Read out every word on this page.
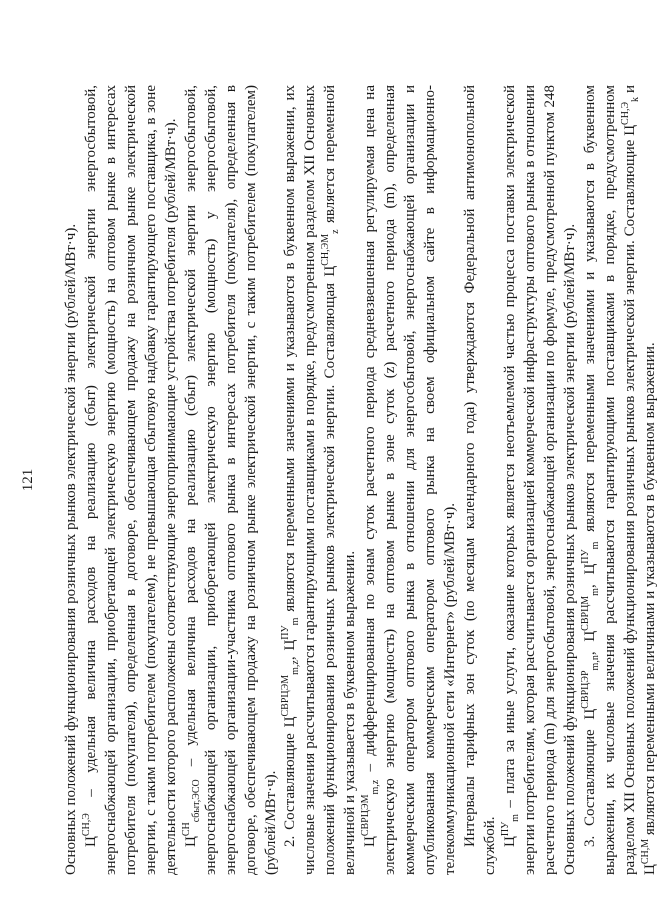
121 Основных положений функционирования розничных рынков электрической энергии (рублей/МВт·ч). $Ц^{СН,Э}$ – удельная величина расходов на реализацию (сбыт) электрической энергии энергосбытовой, энергоснабжающей организации, приобретающей электрическую энергию (мощность) на оптовом рынке в интересах потребителя (покупателя), определенная в договоре, обеспечивающем продажу на розничном рынке электрической энергии, с таким потребителем (покупателем), не превышающая сбытовую надбавку гарантирующего поставщика, в зоне деятельности которого расположены соответствующие энергопринимающие устройства потребителя (рублей/МВт·ч). $Ц^{СН}_{сбыт,ЭСО}$ – удельная величина расходов на реализацию (сбыт) электрической энергии энергосбытовой, энергоснабжающей организации, приобретающей электрическую энергию (мощность) у энергосбытовой, энергоснабжающей организации-участника оптового рынка в интересах потребителя (покупателя), определенная в договоре, обеспечивающем продажу на розничном рынке электрической энергии, с таким потребителем (покупателем) (рублей/МВт·ч). 2. Составляющие $Ц^{СВРЦЭМ}_{m,z}$, $Ц^{ПУ}_m$ являются переменными значениями и указываются в буквенном выражении, их числовые значения рассчитываются гарантирующими поставщиками в порядке, предусмотренном разделом XII Основных положений функционирования розничных рынков электрической энергии. Составляющая $Ц^{СН,ЭМ}_z$ является переменной величиной и указывается в буквенном выражении. $Ц^{СВРЦЭМ}_{m,z}$ – дифференцированная по зонам суток расчетного периода средневзвешенная регулируемая цена на электрическую энергию (мощность) на оптовом рынке в зоне суток (z) расчетного периода (m), определенная коммерческим оператором оптового рынка в отношении для энергосбытовой, энергоснабжающей организации и опубликованная коммерческим оператором оптового рынка на своем официальном сайте в информационно-телекоммуникационной сети «Интернет» (рублей/МВт·ч). Интервалы тарифных зон суток (по месяцам календарного года) утверждаются Федеральной антимонопольной службой. $Ц^{ПУ}_m$ – плата за иные услуги, оказание которых является неотъемлемой частью процесса поставки электрической энергии потребителям, которая рассчитывается организацией коммерческой инфраструктуры оптового рынка в отношении расчетного периода (m) для энергосбытовой, энергоснабжающей организации по формуле, предусмотренной пунктом 248 Основных положений функционирования розничных рынков электрической энергии (рублей/МВт·ч). 3. Составляющие $Ц^{СВРЦЭР}_{m,n}$, $Ц^{СВРЦМ}_m$, $Ц^{ПУ}_m$ являются переменными значениями и указываются в буквенном выражении, их числовые значения рассчитываются гарантирующими поставщиками в порядке, предусмотренном разделом XII Основных положений функционирования розничных рынков электрической энергии. Составляющие $Ц^{СН,Э}_k$ и $Ц^{СН,М}$ являются переменными величинами и указываются в буквенном выражении.
